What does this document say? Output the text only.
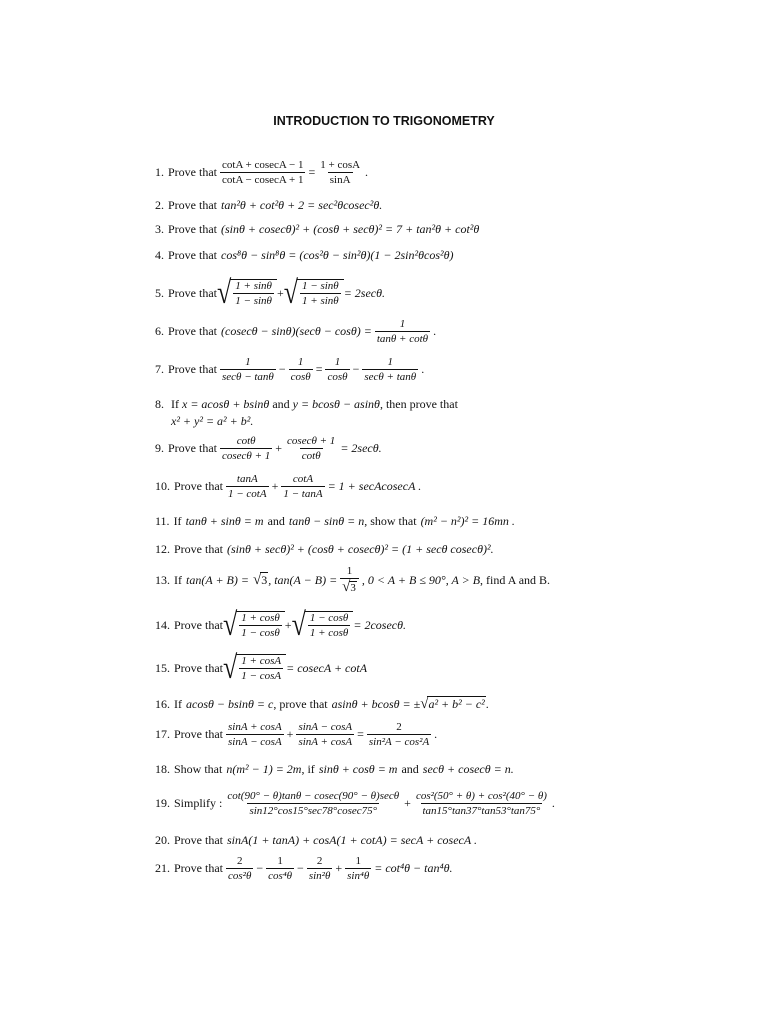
INTRODUCTION TO TRIGONOMETRY
1. Prove that $\frac{\cot A + cosecA - 1}{\cot A - cosecA + 1} = \frac{1 + \cos A}{\sin A}$ .
2. Prove that tan²θ + cot²θ + 2 = sec²θcosec²θ.
3. Prove that (sinθ + cosecθ)² + (cosθ + secθ)² = 7 + tan²θ + cot²θ
4. Prove that cos⁸θ − sin⁸θ = (cos²θ − sin²θ)(1 − 2sin²θcos²θ)
5. Prove that √ $\frac{1 + \sin\theta}{1 - \sin\theta}$ + √ $\frac{1 - \sin\theta}{1 + \sin\theta} = 2\sec\theta$.
6. Prove that $(cosec\theta - \sin\theta)(\sec\theta - \cos\theta) = \frac{1}{\tan\theta + \cot\theta}$ .
7. Prove that $\frac{1}{\sec\theta - \tan\theta} - \frac{1}{\cos\theta} = \frac{1}{\cos\theta} - \frac{1}{\sec\theta + \tan\theta}$ .
8. If x = acosθ + bsinθ and y = bcosθ − asinθ, then prove that
x² + y² = a² + b².
9. Prove that $\frac{\cot\theta}{cosec\theta + 1} + \frac{cosec\theta + 1}{\cot\theta} = 2\sec\theta$.
10. Prove that $\frac{\tan A}{1 - \cot A} + \frac{\cot A}{1 - \tan A} = 1$ + secAcosecA .
11. If tanθ + sinθ = m and tanθ − sinθ = n , show that (m² − n²)² = 16mn .
12. Prove that (sinθ + secθ)² + (cosθ + cosecθ)² = (1 + secθ cosecθ)².
13. If tan(A + B) = √ 3 , $\tan(A - B) = \frac{1}{√ 3}$ , 0 < A + B ≤ 90°, A > B , find A and B.
14. Prove that √ $\frac{1 + \cos\theta}{1 - \cos\theta}$ + √ $\frac{1 - \cos\theta}{1 + \cos\theta} = 2cosec\theta$.
15. Prove that √ $\frac{1 + \cos A}{1 - \cos A} = cosecA + \cot A$
16. If acosθ − bsinθ = c , prove that asinθ + bcosθ = ± √ a² + b² − c² .
17. Prove that $\frac{\sin A + \cos A}{\sin A - \cos A} + \frac{\sin A - \cos A}{\sin A + \cos A} = \frac{2}{\text{sin²A − cos²A}}$ .
18. Show that n(m² − 1) = 2m , if sinθ + cosθ = m and secθ + cosecθ = n.
19. Simplify : $\frac{\cot(90^\circ - \theta)\tan\theta - cosec(90^\circ - \theta)\sec\theta}{\sin 12^\circ\cos 15^\circ\sec 78^\circ cosec75^\circ} + \frac{\text{cos²(50° + θ) + cos²(40° − θ)}}{\tan 15^\circ\tan 37^\circ\tan 53^\circ\tan 75^\circ}$ .
20. Prove that sinA(1 + tanA) + cosA(1 + cotA) = secA + cosecA .
21. Prove that $\frac{2}{\text{cos²θ}} - \frac{1}{\text{cos⁴θ}} - \frac{2}{\text{sin²θ}} + \frac{1}{\text{sin⁴θ}} = \cot^4\theta - \tan^4\theta$.
